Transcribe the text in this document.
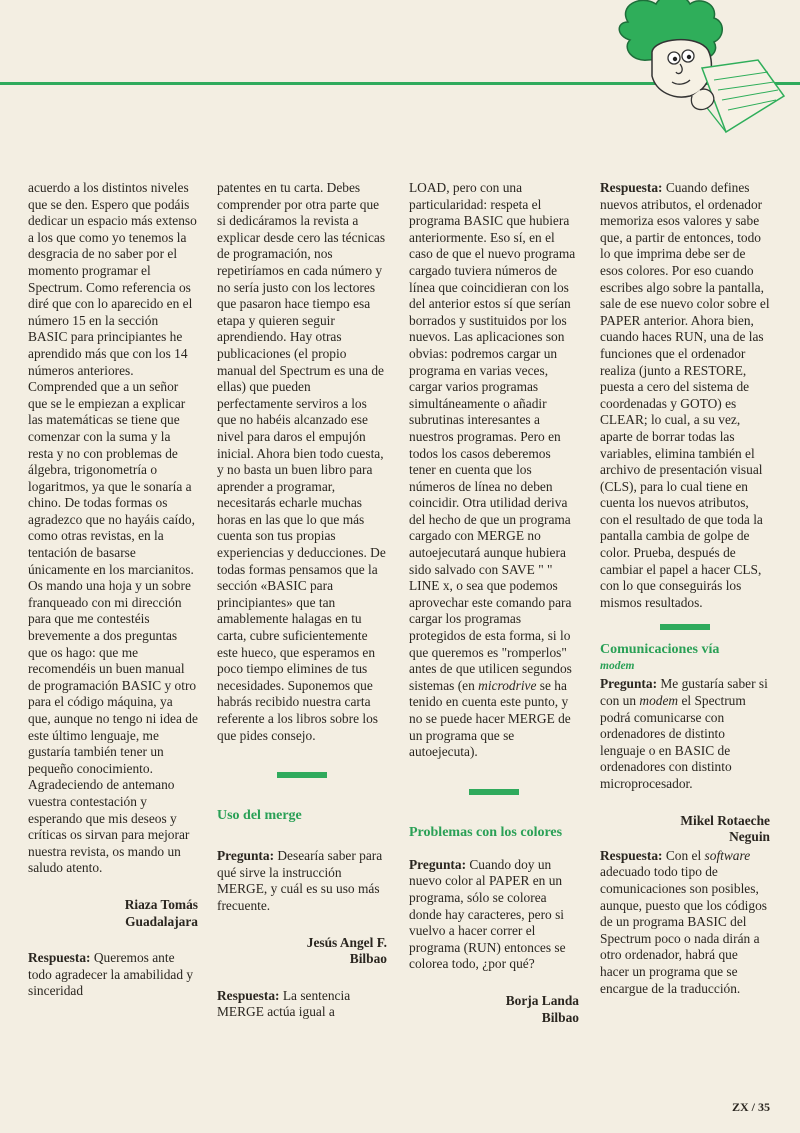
acuerdo a los distintos niveles que se den. Espero que podáis dedicar un espacio más extenso a los que como yo tenemos la desgracia de no saber por el momento programar el Spectrum. Como referencia os diré que con lo aparecido en el número 15 en la sección BASIC para principiantes he aprendido más que con los 14 números anteriores. Comprended que a un señor que se le empiezan a explicar las matemáticas se tiene que comenzar con la suma y la resta y no con problemas de álgebra, trigonometría o logaritmos, ya que le sonaría a chino. De todas formas os agradezco que no hayáis caído, como otras revistas, en la tentación de basarse únicamente en los marcianitos. Os mando una hoja y un sobre franqueado con mi dirección para que me contestéis brevemente a dos preguntas que os hago: que me recomendéis un buen manual de programación BASIC y otro para el código máquina, ya que, aunque no tengo ni idea de este último lenguaje, me gustaría también tener un pequeño conocimiento. Agradeciendo de antemano vuestra contestación y esperando que mis deseos y críticas os sirvan para mejorar nuestra revista, os mando un saludo atento.

Riaza Tomás
Guadalajara

Respuesta: Queremos ante todo agradecer la amabilidad y sinceridad

patentes en tu carta. Debes comprender por otra parte que si dedicáramos la revista a explicar desde cero las técnicas de programación, nos repetiríamos en cada número y no sería justo con los lectores que pasaron hace tiempo esa etapa y quieren seguir aprendiendo. Hay otras publicaciones (el propio manual del Spectrum es una de ellas) que pueden perfectamente serviros a los que no habéis alcanzado ese nivel para daros el empujón inicial. Ahora bien todo cuesta, y no basta un buen libro para aprender a programar, necesitarás echarle muchas horas en las que lo que más cuenta son tus propias experiencias y deducciones. De todas formas pensamos que la sección «BASIC para principiantes» que tan amablemente halagas en tu carta, cubre suficientemente este hueco, que esperamos en poco tiempo elimines de tus necesidades. Suponemos que habrás recibido nuestra carta referente a los libros sobre los que pides consejo.

Uso del merge

Pregunta: Desearía saber para qué sirve la instrucción MERGE, y cuál es su uso más frecuente.

Jesús Angel F.
Bilbao

Respuesta: La sentencia MERGE actúa igual a

LOAD, pero con una particularidad: respeta el programa BASIC que hubiera anteriormente. Eso sí, en el caso de que el nuevo programa cargado tuviera números de línea que coincidieran con los del anterior estos sí que serían borrados y sustituidos por los nuevos. Las aplicaciones son obvias: podremos cargar un programa en varias veces, cargar varios programas simultáneamente o añadir subrutinas interesantes a nuestros programas. Pero en todos los casos deberemos tener en cuenta que los números de línea no deben coincidir. Otra utilidad deriva del hecho de que un programa cargado con MERGE no autoejecutará aunque hubiera sido salvado con SAVE " " LINE x, o sea que podemos aprovechar este comando para cargar los programas protegidos de esta forma, si lo que queremos es "romperlos" antes de que utilicen segundos sistemas (en microdrive se ha tenido en cuenta este punto, y no se puede hacer MERGE de un programa que se autoejecuta).

Problemas con los colores

Pregunta: Cuando doy un nuevo color al PAPER en un programa, sólo se colorea donde hay caracteres, pero si vuelvo a hacer correr el programa (RUN) entonces se colorea todo, ¿por qué?

Borja Landa
Bilbao

Respuesta: Cuando defines nuevos atributos, el ordenador memoriza esos valores y sabe que, a partir de entonces, todo lo que imprima debe ser de esos colores. Por eso cuando escribes algo sobre la pantalla, sale de ese nuevo color sobre el PAPER anterior. Ahora bien, cuando haces RUN, una de las funciones que el ordenador realiza (junto a RESTORE, puesta a cero del sistema de coordenadas y GOTO) es CLEAR; lo cual, a su vez, aparte de borrar todas las variables, elimina también el archivo de presentación visual (CLS), para lo cual tiene en cuenta los nuevos atributos, con el resultado de que toda la pantalla cambia de golpe de color. Prueba, después de cambiar el papel a hacer CLS, con lo que conseguirás los mismos resultados.

Comunicaciones vía
modem

Pregunta: Me gustaría saber si con un modem el Spectrum podrá comunicarse con ordenadores de distinto lenguaje o en BASIC de ordenadores con distinto microprocesador.

Mikel Rotaeche
Neguin

Respuesta: Con el software adecuado todo tipo de comunicaciones son posibles, aunque, puesto que los códigos de un programa BASIC del Spectrum poco o nada dirán a otro ordenador, habrá que hacer un programa que se encargue de la traducción.

ZX / 35
